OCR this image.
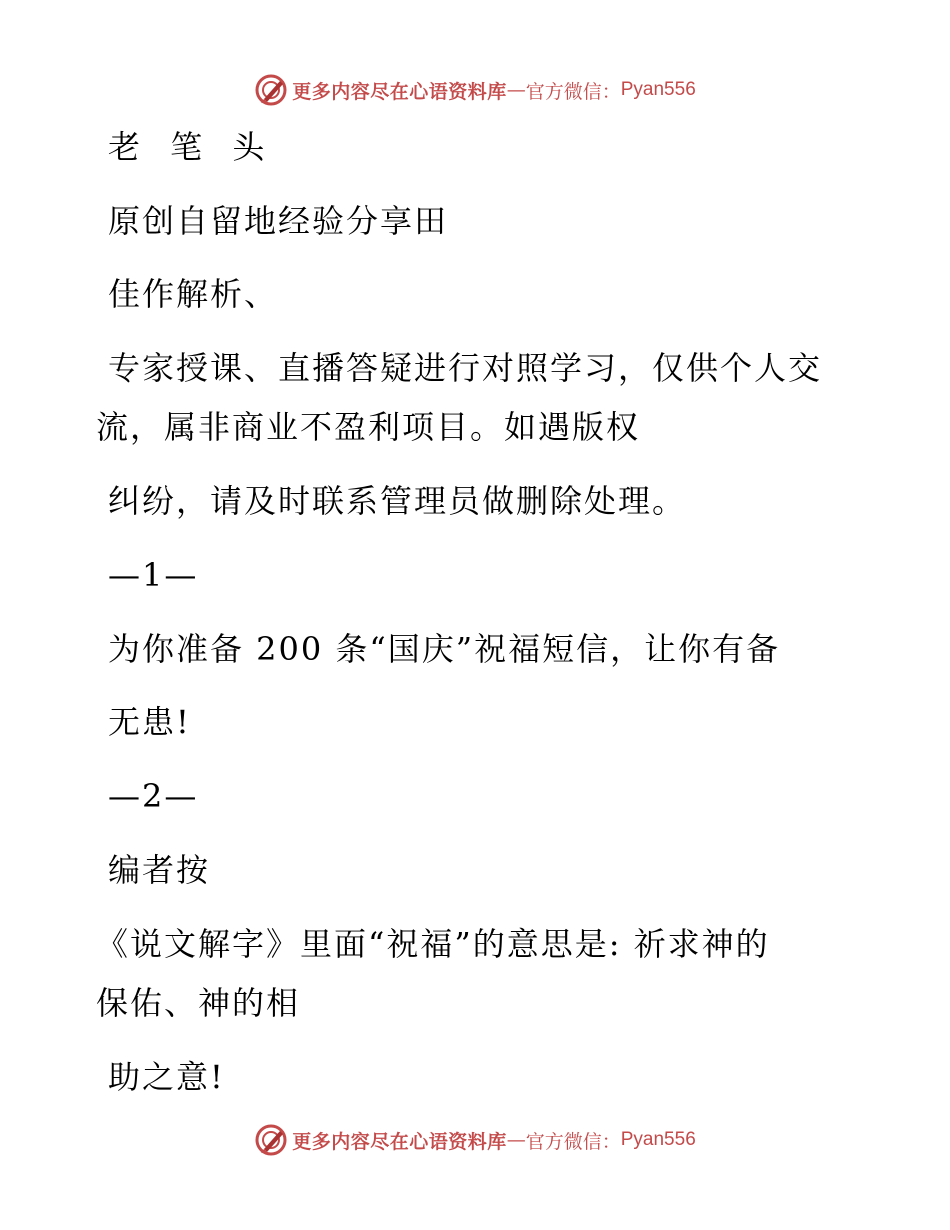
更多内容尽在心语资料库 — 官方微信： Pyan556
老 笔 头
原创自留地经验分享田
佳作解析、
专家授课、直播答疑进行对照学习，仅供个人交
流，属非商业不盈利项目。如遇版权
纠纷，请及时联系管理员做删除处理。
—1—
为你准备 200 条“国庆”祝福短信，让你有备
无患!
—2—
编者按
《说文解字》里面“祝福”的意思是: 祈求神的
保佑、神的相
助之意!
更多内容尽在心语资料库 — 官方微信： Pyan556
